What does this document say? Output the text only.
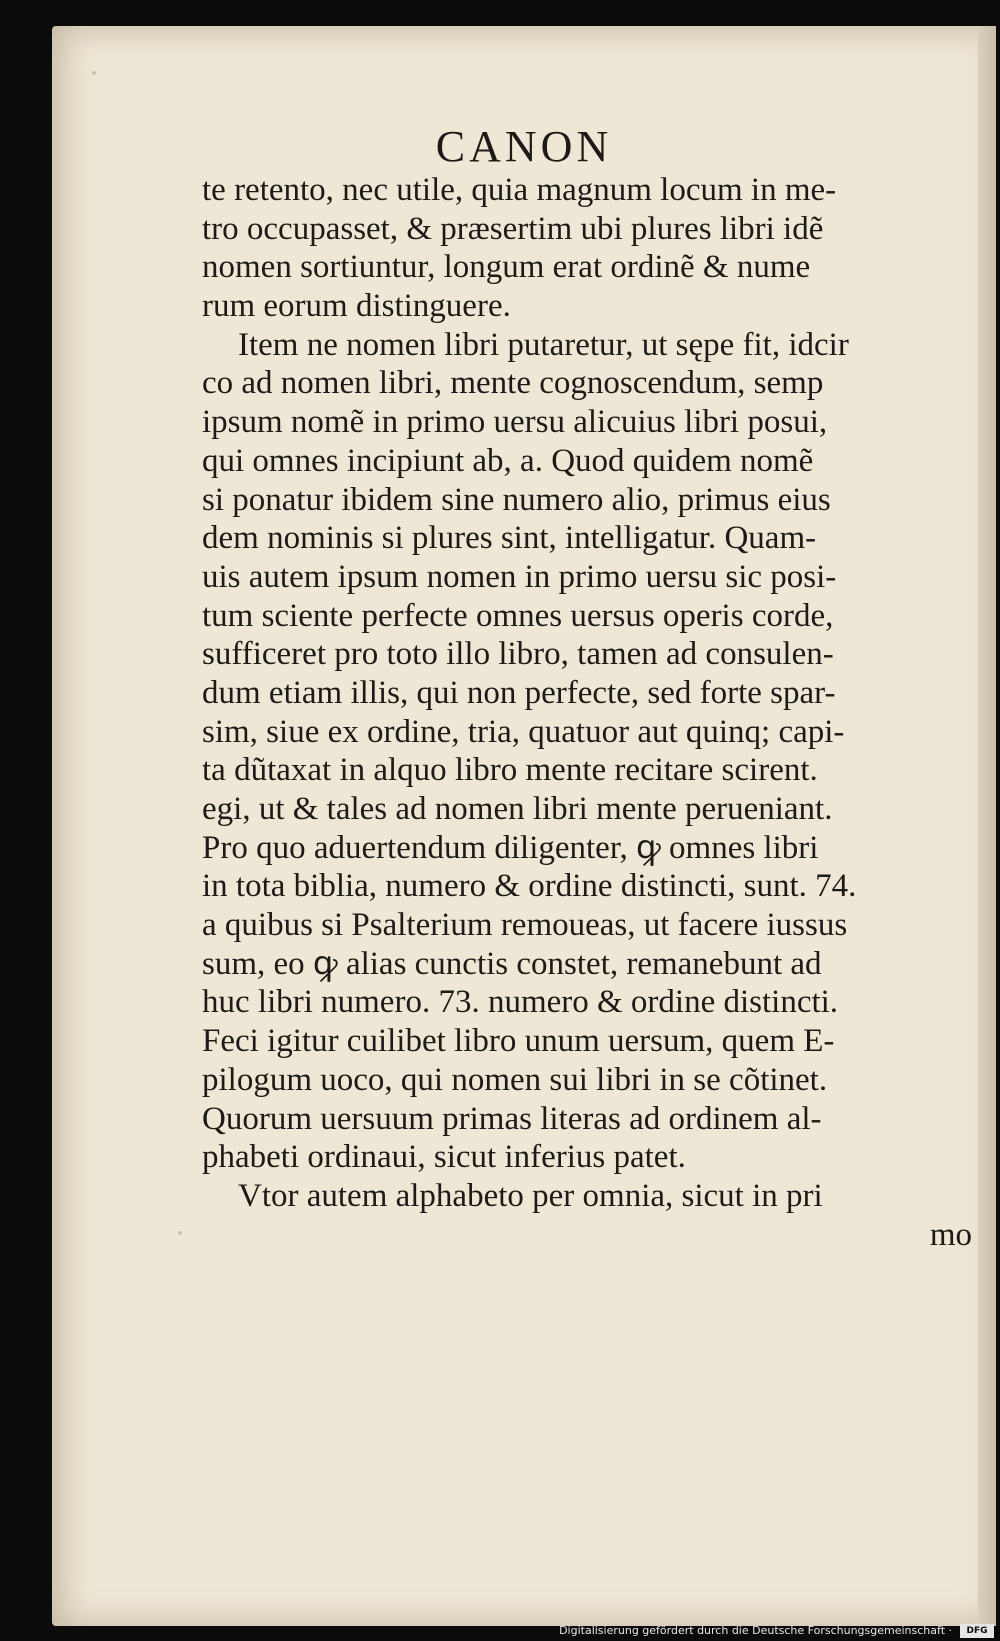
CANON
te retento, nec utile, quia magnum locum in me-
tro occupasset, & præsertim ubi plures libri idẽ
nomen sortiuntur, longum erat ordinẽ & nume
rum eorum distinguere.
Item ne nomen libri putaretur, ut sępe fit, idcir
co ad nomen libri, mente cognoscendum, semp
ipsum nomẽ in primo uersu alicuius libri posui,
qui omnes incipiunt ab, a. Quod quidem nomẽ
si ponatur ibidem sine numero alio, primus eius
dem nominis si plures sint, intelligatur. Quam-
uis autem ipsum nomen in primo uersu sic posi-
tum sciente perfecte omnes uersus operis corde,
sufficeret pro toto illo libro, tamen ad consulen-
dum etiam illis, qui non perfecte, sed forte spar-
sim, siue ex ordine, tria, quatuor aut quinq; capi-
ta dũtaxat in alquo libro mente recitare scirent.
egi, ut & tales ad nomen libri mente perueniant.
Pro quo aduertendum diligenter, ꝙ omnes libri
in tota biblia, numero & ordine distincti, sunt. 74.
a quibus si Psalterium remoueas, ut facere iussus
sum, eo ꝙ alias cunctis constet, remanebunt ad
huc libri numero. 73. numero & ordine distincti.
Feci igitur cuilibet libro unum uersum, quem E-
pilogum uoco, qui nomen sui libri in se cõtinet.
Quorum uersuum primas literas ad ordinem al-
phabeti ordinaui, sicut inferius patet.
Vtor autem alphabeto per omnia, sicut in pri
mo
Digitalisierung gefördert durch die Deutsche Forschungsgemeinschaft ·	DFG
